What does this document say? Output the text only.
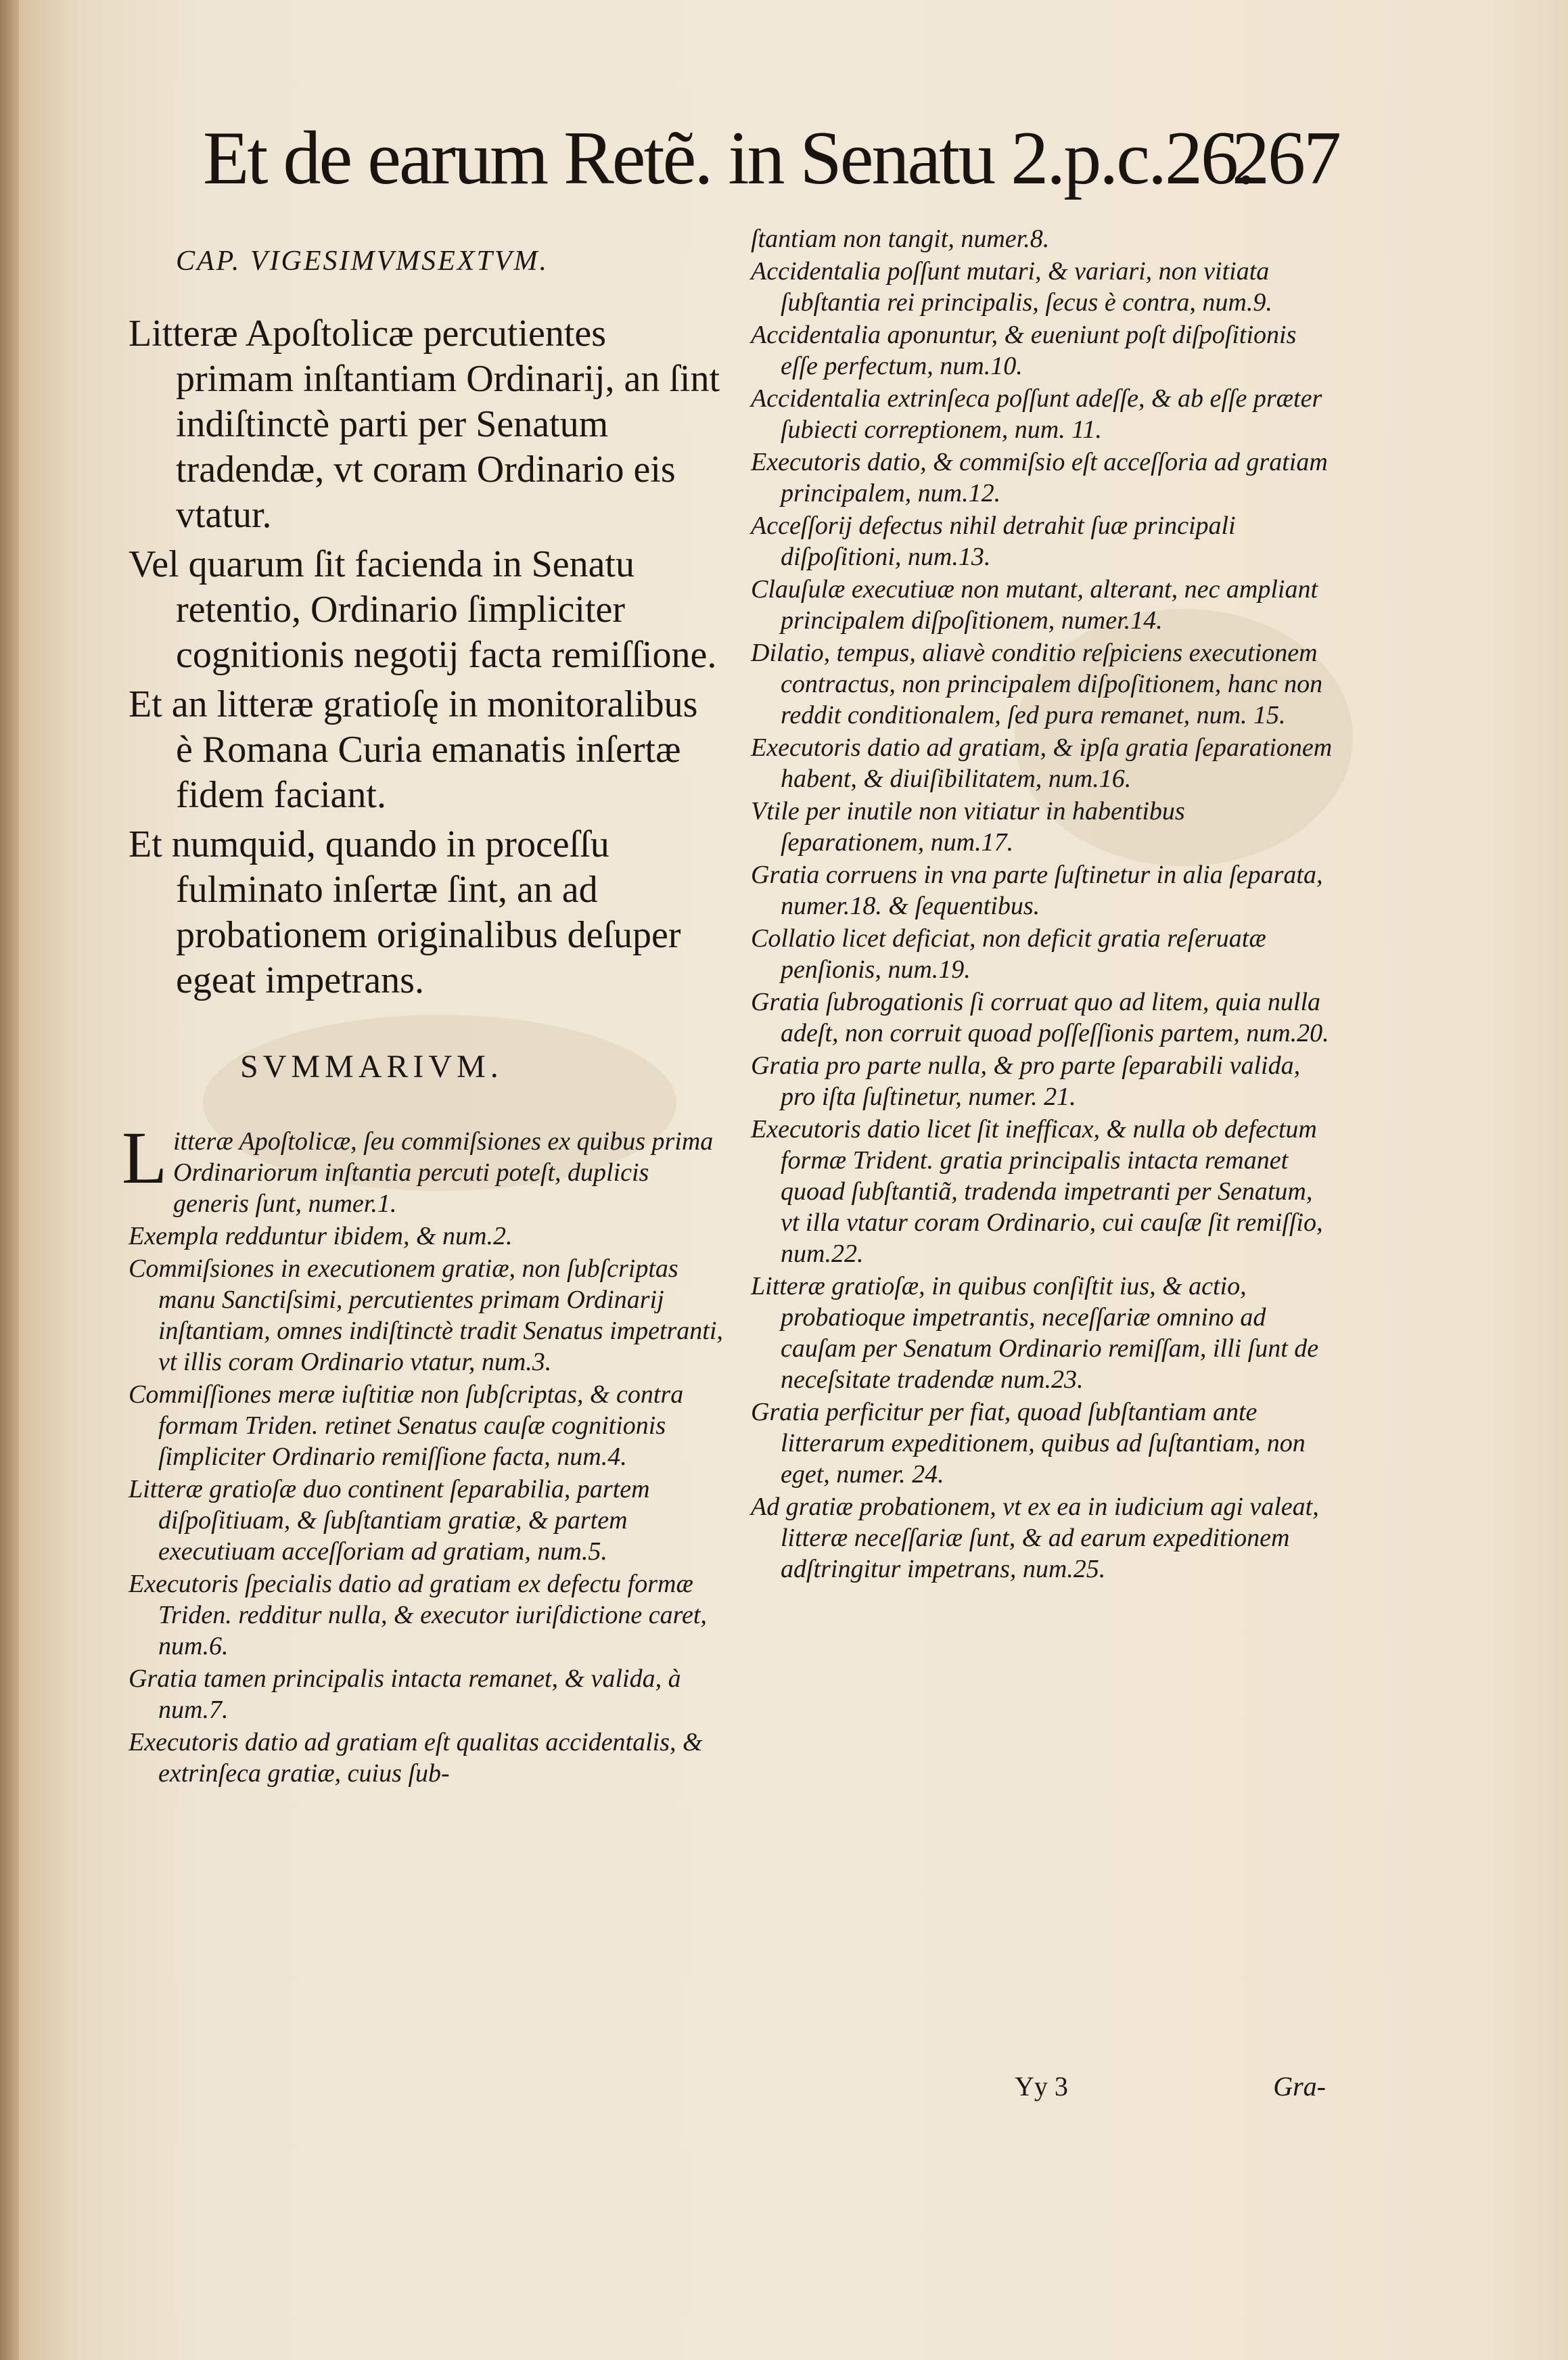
Et de earum Retẽ. in Senatu 2.p.c.26.
267
CAP. VIGESIMVMSEXTVM.
Litteræ Apoſtolicæ percutientes primam inſtantiam Ordinarij, an ſint indiſtinctè parti per Senatum tradendæ, vt coram Ordinario eis vtatur.
Vel quarum ſit facienda in Senatu retentio, Ordinario ſimpliciter cognitionis negotij facta remiſſione.
Et an litteræ gratioſę in monitoralibus è Romana Curia emanatis inſertæ fidem faciant.
Et numquid, quando in proceſſu fulminato inſertæ ſint, an ad probationem originalibus deſuper egeat impetrans.
SVMMARIVM.
L itteræ Apoſtolicæ, ſeu commiſsiones ex quibus prima Ordinariorum inſtantia percuti poteſt, duplicis generis ſunt, numer.1.
Exempla redduntur ibidem, & num.2.
Commiſsiones in executionem gratiæ, non ſubſcriptas manu Sanctiſsimi, percutientes primam Ordinarij inſtantiam, omnes indiſtinctè tradit Senatus impetranti, vt illis coram Ordinario vtatur, num.3.
Commiſſiones meræ iuſtitiæ non ſubſcriptas, & contra formam Triden. retinet Senatus cauſæ cognitionis ſimpliciter Ordinario remiſſione facta, num.4.
Litteræ gratioſæ duo continent ſeparabilia, partem diſpoſitiuam, & ſubſtantiam gratiæ, & partem executiuam acceſſoriam ad gratiam, num.5.
Executoris ſpecialis datio ad gratiam ex defectu formæ Triden. redditur nulla, & executor iuriſdictione caret, num.6.
Gratia tamen principalis intacta remanet, & valida, à num.7.
Executoris datio ad gratiam eſt qualitas accidentalis, & extrinſeca gratiæ, cuius ſub-
ſtantiam non tangit, numer.8.
Accidentalia poſſunt mutari, & variari, non vitiata ſubſtantia rei principalis, ſecus è contra, num.9.
Accidentalia aponuntur, & eueniunt poſt diſpoſitionis eſſe perfectum, num.10.
Accidentalia extrinſeca poſſunt adeſſe, & ab eſſe præter ſubiecti correptionem, num. 11.
Executoris datio, & commiſsio eſt acceſſoria ad gratiam principalem, num.12.
Acceſſorij defectus nihil detrahit ſuæ principali diſpoſitioni, num.13.
Clauſulæ executiuæ non mutant, alterant, nec ampliant principalem diſpoſitionem, numer.14.
Dilatio, tempus, aliavè conditio reſpiciens executionem contractus, non principalem diſpoſitionem, hanc non reddit conditionalem, ſed pura remanet, num. 15.
Executoris datio ad gratiam, & ipſa gratia ſeparationem habent, & diuiſibilitatem, num.16.
Vtile per inutile non vitiatur in habentibus ſeparationem, num.17.
Gratia corruens in vna parte ſuſtinetur in alia ſeparata, numer.18. & ſequentibus.
Collatio licet deficiat, non deficit gratia reſeruatæ penſionis, num.19.
Gratia ſubrogationis ſi corruat quo ad litem, quia nulla adeſt, non corruit quoad poſſeſſionis partem, num.20.
Gratia pro parte nulla, & pro parte ſeparabili valida, pro iſta ſuſtinetur, numer. 21.
Executoris datio licet ſit inefficax, & nulla ob defectum formæ Trident. gratia principalis intacta remanet quoad ſubſtantiã, tradenda impetranti per Senatum, vt illa vtatur coram Ordinario, cui cauſæ ſit remiſſio, num.22.
Litteræ gratioſæ, in quibus conſiſtit ius, & actio, probatioque impetrantis, neceſſariæ omnino ad cauſam per Senatum Ordinario remiſſam, illi ſunt de neceſsitate tradendæ num.23.
Gratia perficitur per fiat, quoad ſubſtantiam ante litterarum expeditionem, quibus ad ſuſtantiam, non eget, numer. 24.
Ad gratiæ probationem, vt ex ea in iudicium agi valeat, litteræ neceſſariæ ſunt, & ad earum expeditionem adſtringitur impetrans, num.25.
Yy 3	Gra-
